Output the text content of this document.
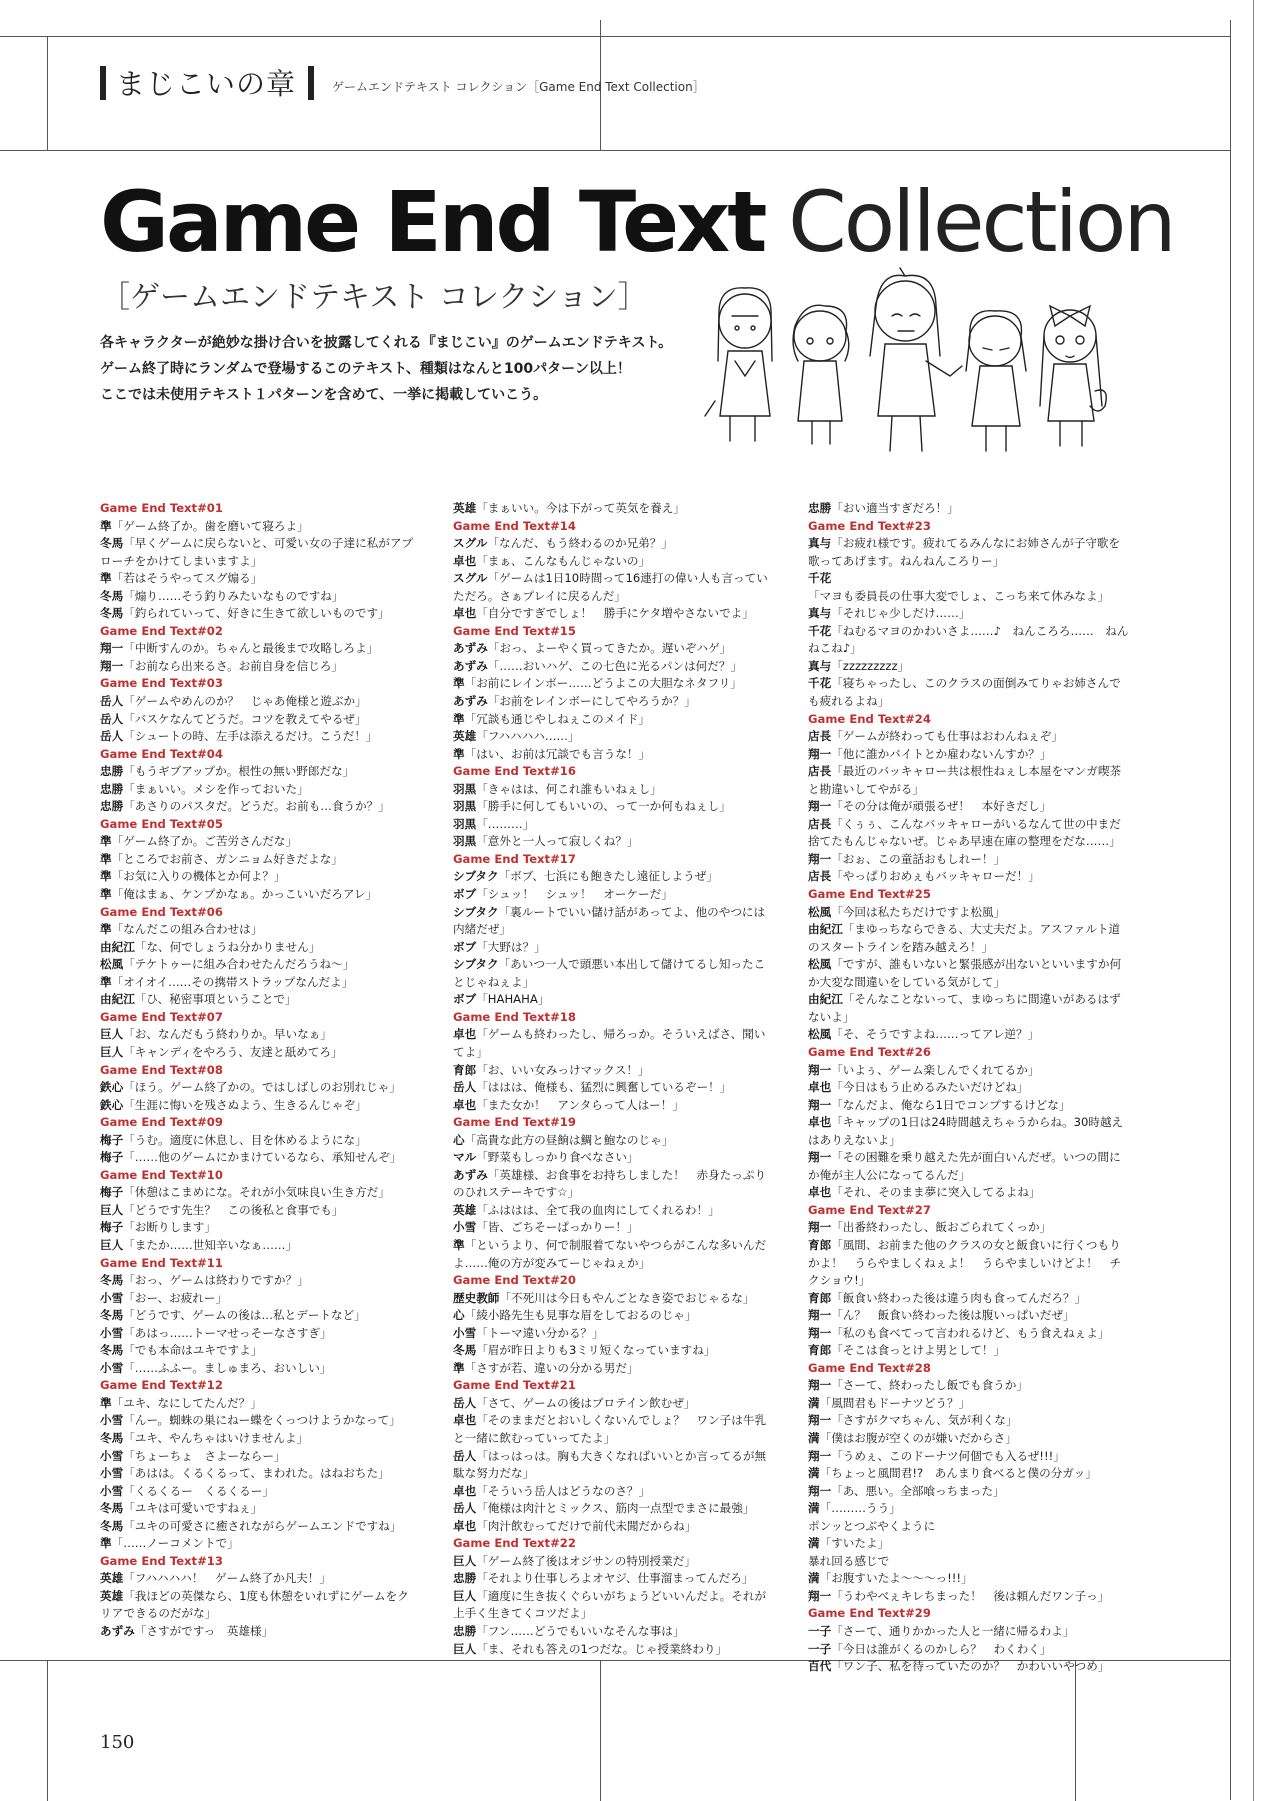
まじこいの章	ゲームエンドテキスト コレクション［Game End Text Collection］
Game End Text Collection
［ゲームエンドテキスト コレクション］
各キャラクターが絶妙な掛け合いを披露してくれる『まじこい』のゲームエンドテキスト。
ゲーム終了時にランダムで登場するこのテキスト、種類はなんと100パターン以上！
ここでは未使用テキスト１パターンを含めて、一挙に掲載していこう。
Game End Text#01
準「ゲーム終了か。歯を磨いて寝ろよ」
冬馬「早くゲームに戻らないと、可愛い女の子達に私がアプローチをかけてしまいますよ」
準「若はそうやってスグ煽る」
冬馬「煽り……そう釣りみたいなものですね」
冬馬「釣られていって、好きに生きて欲しいものです」
Game End Text#02
翔一「中断すんのか。ちゃんと最後まで攻略しろよ」
翔一「お前なら出来るさ。お前自身を信じろ」
Game End Text#03
岳人「ゲームやめんのか？　じゃあ俺様と遊ぶか」
岳人「バスケなんてどうだ。コツを教えてやるぜ」
岳人「シュートの時、左手は添えるだけ。こうだ！」
Game End Text#04
忠勝「もうギブアップか。根性の無い野郎だな」
忠勝「まぁいい。メシを作っておいた」
忠勝「あさりのパスタだ。どうだ。お前も…食うか？」
Game End Text#05
準「ゲーム終了か。ご苦労さんだな」
準「ところでお前さ、ガンニョム好きだよな」
準「お気に入りの機体とか何よ？」
準「俺はまぁ、ケンプかなぁ。かっこいいだろアレ」
Game End Text#06
準「なんだこの組み合わせは」
由紀江「な、何でしょうね分かりません」
松風「テケトゥーに組み合わせたんだろうね～」
準「オイオイ……その携帯ストラップなんだよ」
由紀江「ひ、秘密事項ということで」
Game End Text#07
巨人「お、なんだもう終わりか。早いなぁ」
巨人「キャンディをやろう、友達と舐めてろ」
Game End Text#08
鉄心「ほう。ゲーム終了かの。ではしばしのお別れじゃ」
鉄心「生涯に悔いを残さぬよう、生きるんじゃぞ」
Game End Text#09
梅子「うむ。適度に休息し、目を休めるようにな」
梅子「……他のゲームにかまけているなら、承知せんぞ」
Game End Text#10
梅子「休憩はこまめにな。それが小気味良い生き方だ」
巨人「どうです先生？　この後私と食事でも」
梅子「お断りします」
巨人「またか……世知辛いなぁ……」
Game End Text#11
冬馬「おっ、ゲームは終わりですか？」
小雪「おー、お疲れー」
冬馬「どうです、ゲームの後は…私とデートなど」
小雪「あはっ……トーマせっそーなさすぎ」
冬馬「でも本命はユキですよ」
小雪「……ふふー。ましゅまろ、おいしい」
Game End Text#12
準「ユキ、なにしてたんだ？」
小雪「んー。蜘蛛の巣にねー蝶をくっつけようかなって」
冬馬「ユキ、やんちゃはいけませんよ」
小雪「ちょーちょ　さよーならー」
小雪「あはは。くるくるって、まわれた。はねおちた」
小雪「くるくるー　くるくるー」
冬馬「ユキは可愛いですねぇ」
冬馬「ユキの可愛さに癒されながらゲームエンドですね」
準「……ノーコメントで」
Game End Text#13
英雄「フハハハハ！　ゲーム終了か凡夫！」
英雄「我ほどの英傑なら、1度も休憩をいれずにゲームをクリアできるのだがな」
あずみ「さすがですっ　英雄様」
英雄「まぁいい。今は下がって英気を養え」
Game End Text#14
スグル「なんだ、もう終わるのか兄弟？」
卓也「まぁ、こんなもんじゃないの」
スグル「ゲームは1日10時間って16連打の偉い人も言っていただろ。さぁプレイに戻るんだ」
卓也「自分ですぎでしょ！　勝手にケタ増やさないでよ」
Game End Text#15
あずみ「おっ、よーやく買ってきたか。遅いぞハゲ」
あずみ「……おいハゲ、この七色に光るパンは何だ？」
準「お前にレインボー……どうよこの大胆なネタフリ」
あずみ「お前をレインボーにしてやろうか？」
準「冗談も通じやしねぇこのメイド」
英雄「フハハハハ……」
準「はい、お前は冗談でも言うな！」
Game End Text#16
羽黒「きゃはは、何これ誰もいねぇし」
羽黒「勝手に何してもいいの、って一か何もねぇし」
羽黒「………」
羽黒「意外と一人って寂しくね？」
Game End Text#17
シブタク「ボブ、七浜にも飽きたし遠征しようぜ」
ボブ「シュッ！　シュッ！　オーケーだ」
シブタク「裏ルートでいい儲け話があってよ、他のやつには内緒だぜ」
ボブ「大野は？」
シブタク「あいつ一人で頭悪い本出して儲けてるし知ったことじゃねぇよ」
ボブ「HAHAHA」
Game End Text#18
卓也「ゲームも終わったし、帰ろっか。そういえばさ、聞いてよ」
育郎「お、いい女みっけマックス！」
岳人「ははは、俺様も、猛烈に興奮しているぞー！」
卓也「また女か！　アンタらって人はー！」
Game End Text#19
心「高貴な此方の昼餉は鯛と鮑なのじゃ」
マル「野菜もしっかり食べなさい」
あずみ「英雄様、お食事をお持ちしました！　赤身たっぷりのひれステーキです☆」
英雄「ふははは、全て我の血肉にしてくれるわ！」
小雪「皆、ごちそーぱっかりー！」
準「というより、何で制服着てないやつらがこんな多いんだよ……俺の方が変みてーじゃねぇか」
Game End Text#20
歴史教師「不死川は今日もやんごとなき姿でおじゃるな」
心「綾小路先生も見事な眉をしておるのじゃ」
小雪「トーマ違い分かる？」
冬馬「眉が昨日よりも3ミリ短くなっていますね」
準「さすが若、違いの分かる男だ」
Game End Text#21
岳人「さて、ゲームの後はプロテイン飲むぜ」
卓也「そのままだとおいしくないんでしょ？　ワン子は牛乳と一緒に飲むっていってたよ」
岳人「はっはっは。胸も大きくなればいいとか言ってるが無駄な努力だな」
卓也「そういう岳人はどうなのさ？」
岳人「俺様は肉汁とミックス、筋肉一点型でまさに最強」
卓也「肉汁飲むってだけで前代未聞だからね」
Game End Text#22
巨人「ゲーム終了後はオジサンの特別授業だ」
忠勝「それより仕事しろよオヤジ、仕事溜まってんだろ」
巨人「適度に生き抜くぐらいがちょうどいいんだよ。それが上手く生きてくコツだよ」
忠勝「フン……どうでもいいなそんな事は」
巨人「ま、それも答えの1つだな。じゃ授業終わり」
忠勝「おい適当すぎだろ！」
Game End Text#23
真与「お疲れ様です。疲れてるみんなにお姉さんが子守歌を歌ってあげます。ねんねんころりー」
千花「マヨも委員長の仕事大変でしょ、こっち来て休みなよ」
真与「それじゃ少しだけ……」
千花「ねむるマヨのかわいさよ……♪　ねんころろ……　ねんねこね♪」
真与「zzzzzzzzz」
千花「寝ちゃったし、このクラスの面倒みてりゃお姉さんでも疲れるよね」
Game End Text#24
店長「ゲームが終わっても仕事はおわんねぇぞ」
翔一「他に誰かバイトとか雇わないんすか？」
店長「最近のバッキャロー共は根性ねぇし本屋をマンガ喫茶と勘違いしてやがる」
翔一「その分は俺が頑張るぜ！　本好きだし」
店長「くぅぅ、こんなバッキャローがいるなんて世の中まだ捨てたもんじゃないぜ。じゃあ早速在庫の整理をだな……」
翔一「おぉ、この童話おもしれー！」
店長「やっぱりおめぇもバッキャローだ！」
Game End Text#25
松風「今回は私たちだけですよ松風」
由紀江「まゆっちならできる、大丈夫だよ。アスファルト道のスタートラインを踏み越えろ！」
松風「ですが、誰もいないと緊張感が出ないといいますか何か大変な間違いをしている気がして」
由紀江「そんなことないって、まゆっちに間違いがあるはずないよ」
松風「そ、そうですよね……ってアレ逆？」
Game End Text#26
翔一「いよぅ、ゲーム楽しんでくれてるか」
卓也「今日はもう止めるみたいだけどね」
翔一「なんだよ、俺なら1日でコンプするけどな」
卓也「キャップの1日は24時間越えちゃうからね。30時越えはありえないよ」
翔一「その困難を乗り越えた先が面白いんだぜ。いつの間にか俺が主人公になってるんだ」
卓也「それ、そのまま夢に突入してるよね」
Game End Text#27
翔一「出番終わったし、飯おごられてくっか」
育郎「風間、お前また他のクラスの女と飯食いに行くつもりかよ！　うらやましくねぇよ！　うらやましいけどよ！　チクショウ!」
育郎「飯食い終わった後は違う肉も食ってんだろ？」
翔一「ん？　飯食い終わった後は腹いっぱいだぜ」
翔一「私のも食べてって言われるけど、もう食えねぇよ」
育郎「そこは食っとけよ男として！」
Game End Text#28
翔一「さーて、終わったし飯でも食うか」
満「風間君もドーナツどう？」
翔一「さすがクマちゃん、気が利くな」
満「僕はお腹が空くのが嫌いだからさ」
翔一「うめぇ、このドーナツ何個でも入るぜ!!!」
満「ちょっと風間君!?　あんまり食べると僕の分ガッ」
翔一「あ、悪い。全部喰っちまった」
満「………うう」
ポンッとつぶやくように
満「すいたよ」
暴れ回る感じで
満「お腹すいたよ～～～っ!!!」
翔一「うわやべぇキレちまった！　後は頼んだワン子っ」
Game End Text#29
一子「さーて、通りかかった人と一緒に帰るわよ」
一子「今日は誰がくるのかしら？　わくわく」
百代「ワン子、私を待っていたのか？　かわいいやつめ」
150
